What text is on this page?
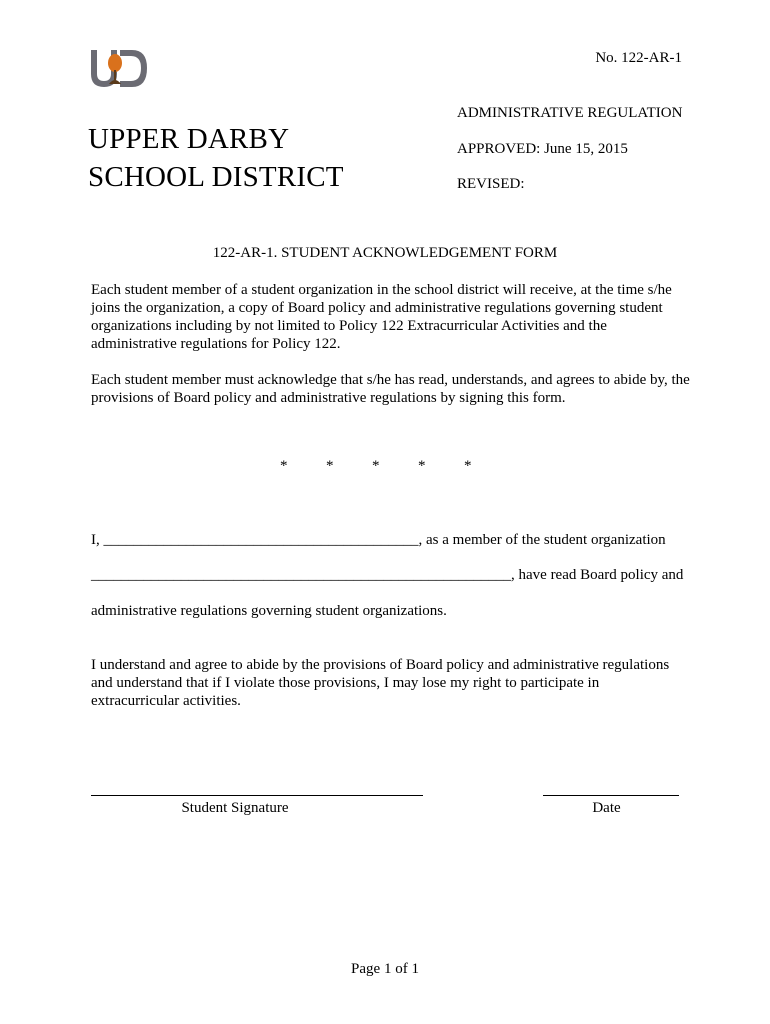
No. 122-AR-1
ADMINISTRATIVE REGULATION
APPROVED: June 15, 2015
REVISED:
UPPER DARBY
SCHOOL DISTRICT
122-AR-1. STUDENT ACKNOWLEDGEMENT FORM
Each student member of a student organization in the school district will receive, at the time s/he joins the organization, a copy of Board policy and administrative regulations governing student organizations including by not limited to Policy 122 Extracurricular Activities and the administrative regulations for Policy 122.
Each student member must acknowledge that s/he has read, understands, and agrees to abide by, the provisions of Board policy and administrative regulations by signing this form.
*	*	*	*	*
I, __________________________________________, as a member of the student organization
________________________________________________________, have read Board policy and
administrative regulations governing student organizations.
I understand and agree to abide by the provisions of Board policy and administrative regulations and understand that if I violate those provisions, I may lose my right to participate in extracurricular activities.
Student Signature	Date
Page 1 of 1
